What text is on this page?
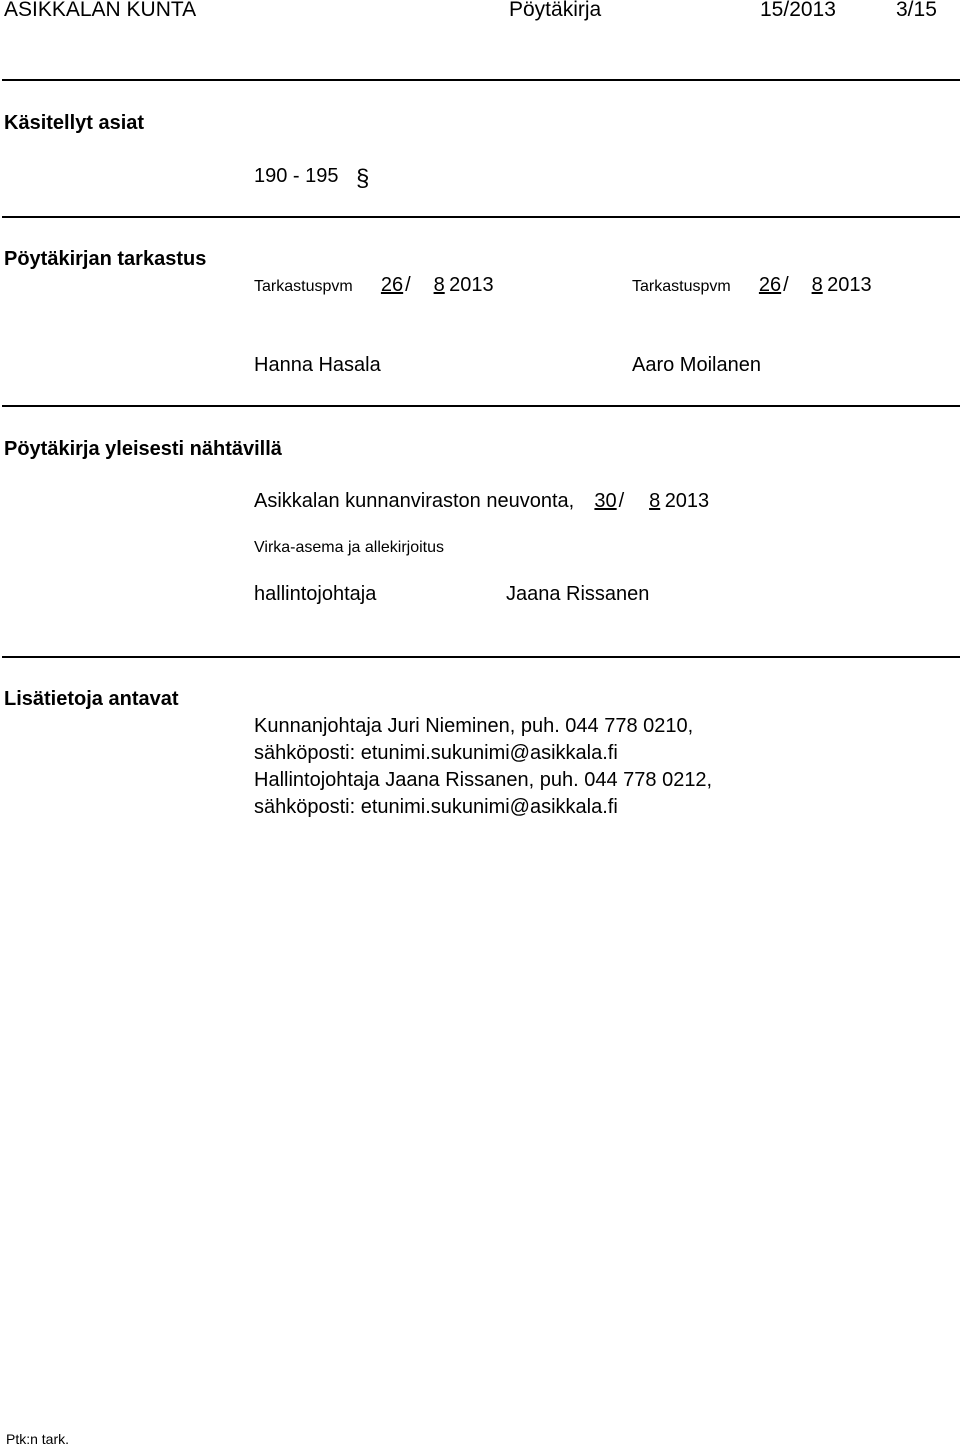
ASIKKALAN KUNTA	Pöytäkirja	15/2013	3/15
Käsitellyt asiat
190 - 195 §
Pöytäkirjan tarkastus
Tarkastuspvm 26 / 8 2013	Tarkastuspvm 26 / 8 2013
Hanna Hasala	Aaro Moilanen
Pöytäkirja yleisesti nähtävillä
Asikkalan kunnanviraston neuvonta, 30 / 8 2013
Virka-asema ja allekirjoitus
hallintojohtaja	Jaana Rissanen
Lisätietoja antavat
Kunnanjohtaja Juri Nieminen, puh. 044 778 0210,
sähköposti: etunimi.sukunimi@asikkala.fi
Hallintojohtaja Jaana Rissanen, puh. 044 778 0212,
sähköposti: etunimi.sukunimi@asikkala.fi
Ptk:n tark.
